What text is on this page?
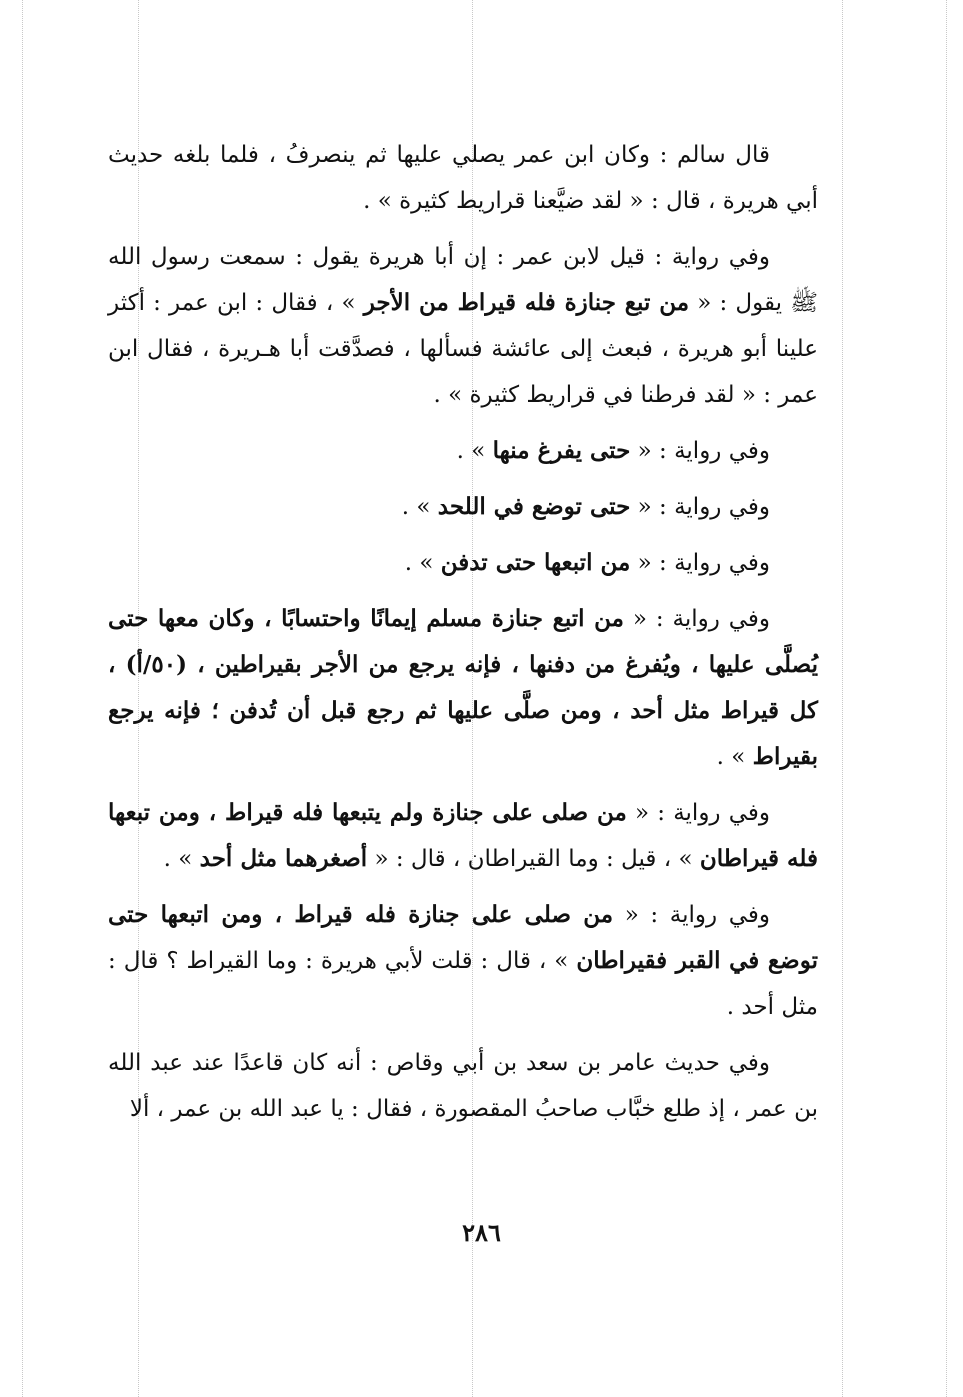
قال سالم : وكان ابن عمر يصلي عليها ثم ينصرفُ ، فلما بلغه حديث أبي هريرة ، قال : « لقد ضيَّعنا قراريط كثيرة » .

وفي رواية : قيل لابن عمر : إن أبا هريرة يقول : سمعت رسول الله ﷺ يقول : « من تبع جنازة فله قيراط من الأجر » ، فقال : ابن عمر : أكثر علينا أبو هريرة ، فبعث إلى عائشة فسألها ، فصدَّقت أبا هـريرة ، فقال ابن عمر : « لقد فرطنا في قراريط كثيرة » .

وفي رواية : « حتى يفرغ منها » .

وفي رواية : « حتى توضع في اللحد » .

وفي رواية : « من اتبعها حتى تدفن » .

وفي رواية : « من اتبع جنازة مسلم إيمانًا واحتسابًا ، وكان معها حتى يُصلَّى عليها ، ويُفرغ من دفنها ، فإنه يرجع من الأجر بقيراطين ، (٥٠/أ) ، كل قيراط مثل أحد ، ومن صلَّى عليها ثم رجع قبل أن تُدفن ؛ فإنه يرجع بقيراط » .

وفي رواية : « من صلى على جنازة ولم يتبعها فله قيراط ، ومن تبعها فله قيراطان » ، قيل : وما القيراطان ، قال : « أصغرهما مثل أحد » .

وفي رواية : « من صلى على جنازة فله قيراط ، ومن اتبعها حتى توضع في القبر فقيراطان » ، قال : قلت لأبي هريرة : وما القيراط ؟ قال : مثل أحد .

وفي حديث عامر بن سعد بن أبي وقاص : أنه كان قاعدًا عند عبد الله بن عمر ، إذ طلع خبَّاب صاحبُ المقصورة ، فقال : يا عبد الله بن عمر ، ألا

٢٨٦
